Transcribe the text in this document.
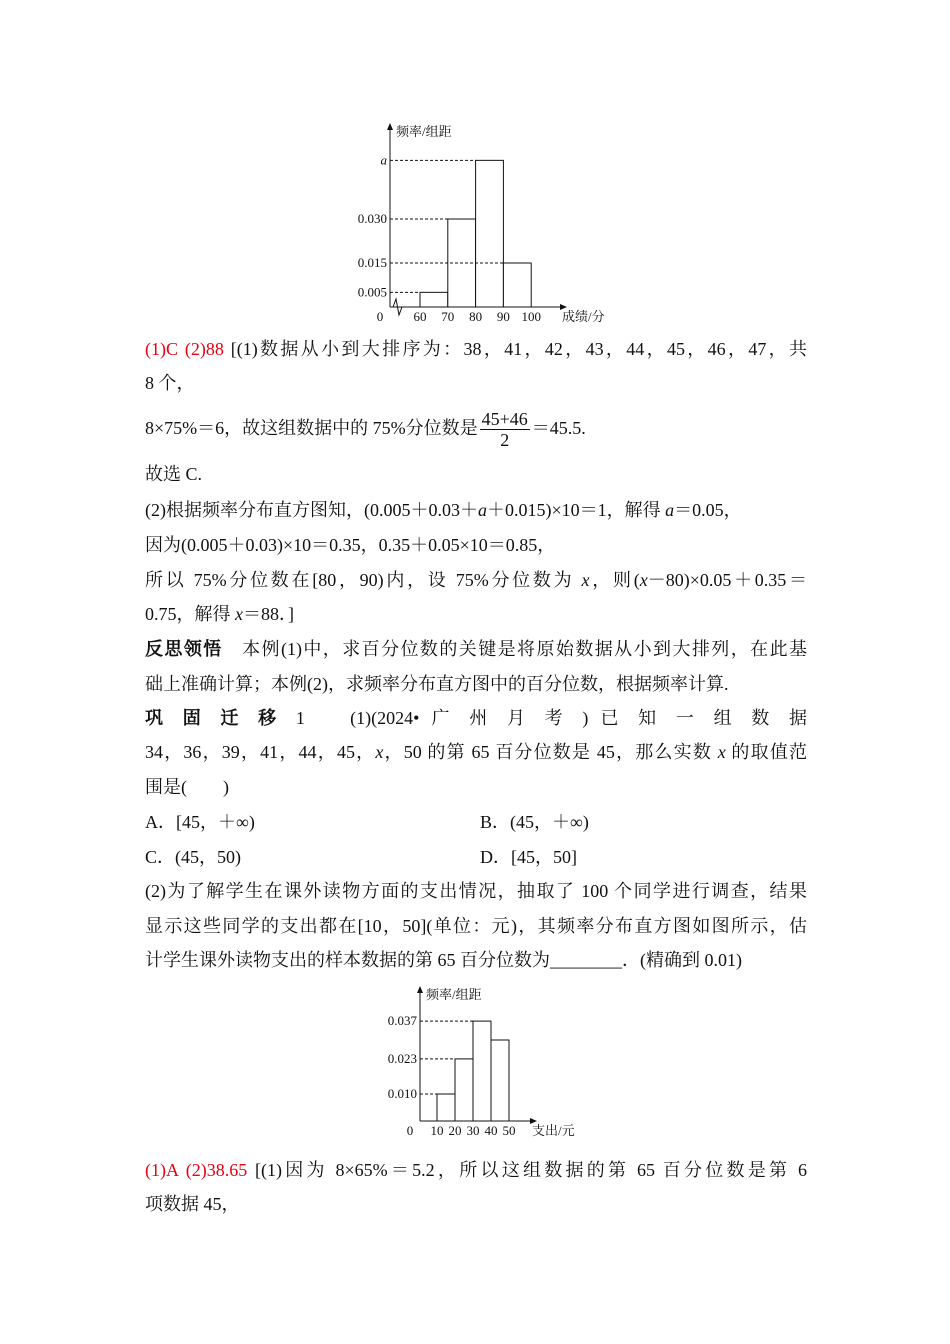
频率/组距
成绩/分
0
0.005
0.015
0.030
a
60 70 80 90 100
频率/组距
支出/元
0
0.010
0.023
0.037
10 20 30 40 50
(1)C (2)88 [(1)数据从小到大排序为：38，41，42，43，44，45，46，47，共
8 个，
8×75%＝6，故这组数据中的 75%分位数是 $\frac{45+46}{2} =45.5$.
故选 C.
(2)根据频率分布直方图知，(0.005＋0.03＋a＋0.015)×10＝1，解得 a＝0.05，
因为(0.005＋0.03)×10＝0.35，0.35＋0.05×10＝0.85，
所以 75%分位数在[80，90)内，设 75%分位数为 x，则(x－80)×0.05＋0.35＝
0.75，解得 x＝88．]
反思领悟　本例(1)中，求百分位数的关键是将原始数据从小到大排列，在此基
础上准确计算；本例(2)，求频率分布直方图中的百分位数，根据频率计算.
巩 固 迁 移 1　 (1)(2024• 广 州 月 考 ) 已 知 一 组 数 据
34，36，39，41，44，45，x，50 的第 65 百分位数是 45，那么实数 x 的取值范
围是(　　)
A．[45，＋∞)	B．(45，＋∞)
C．(45，50)	D．[45，50]
(2)为了解学生在课外读物方面的支出情况，抽取了 100 个同学进行调查，结果
显示这些同学的支出都在[10，50](单位：元)，其频率分布直方图如图所示，估
计学生课外读物支出的样本数据的第 65 百分位数为________．(精确到 0.01)
(1)A (2)38.65 [(1)因为 8×65%＝5.2，所以这组数据的第 65 百分位数是第 6
项数据 45，
